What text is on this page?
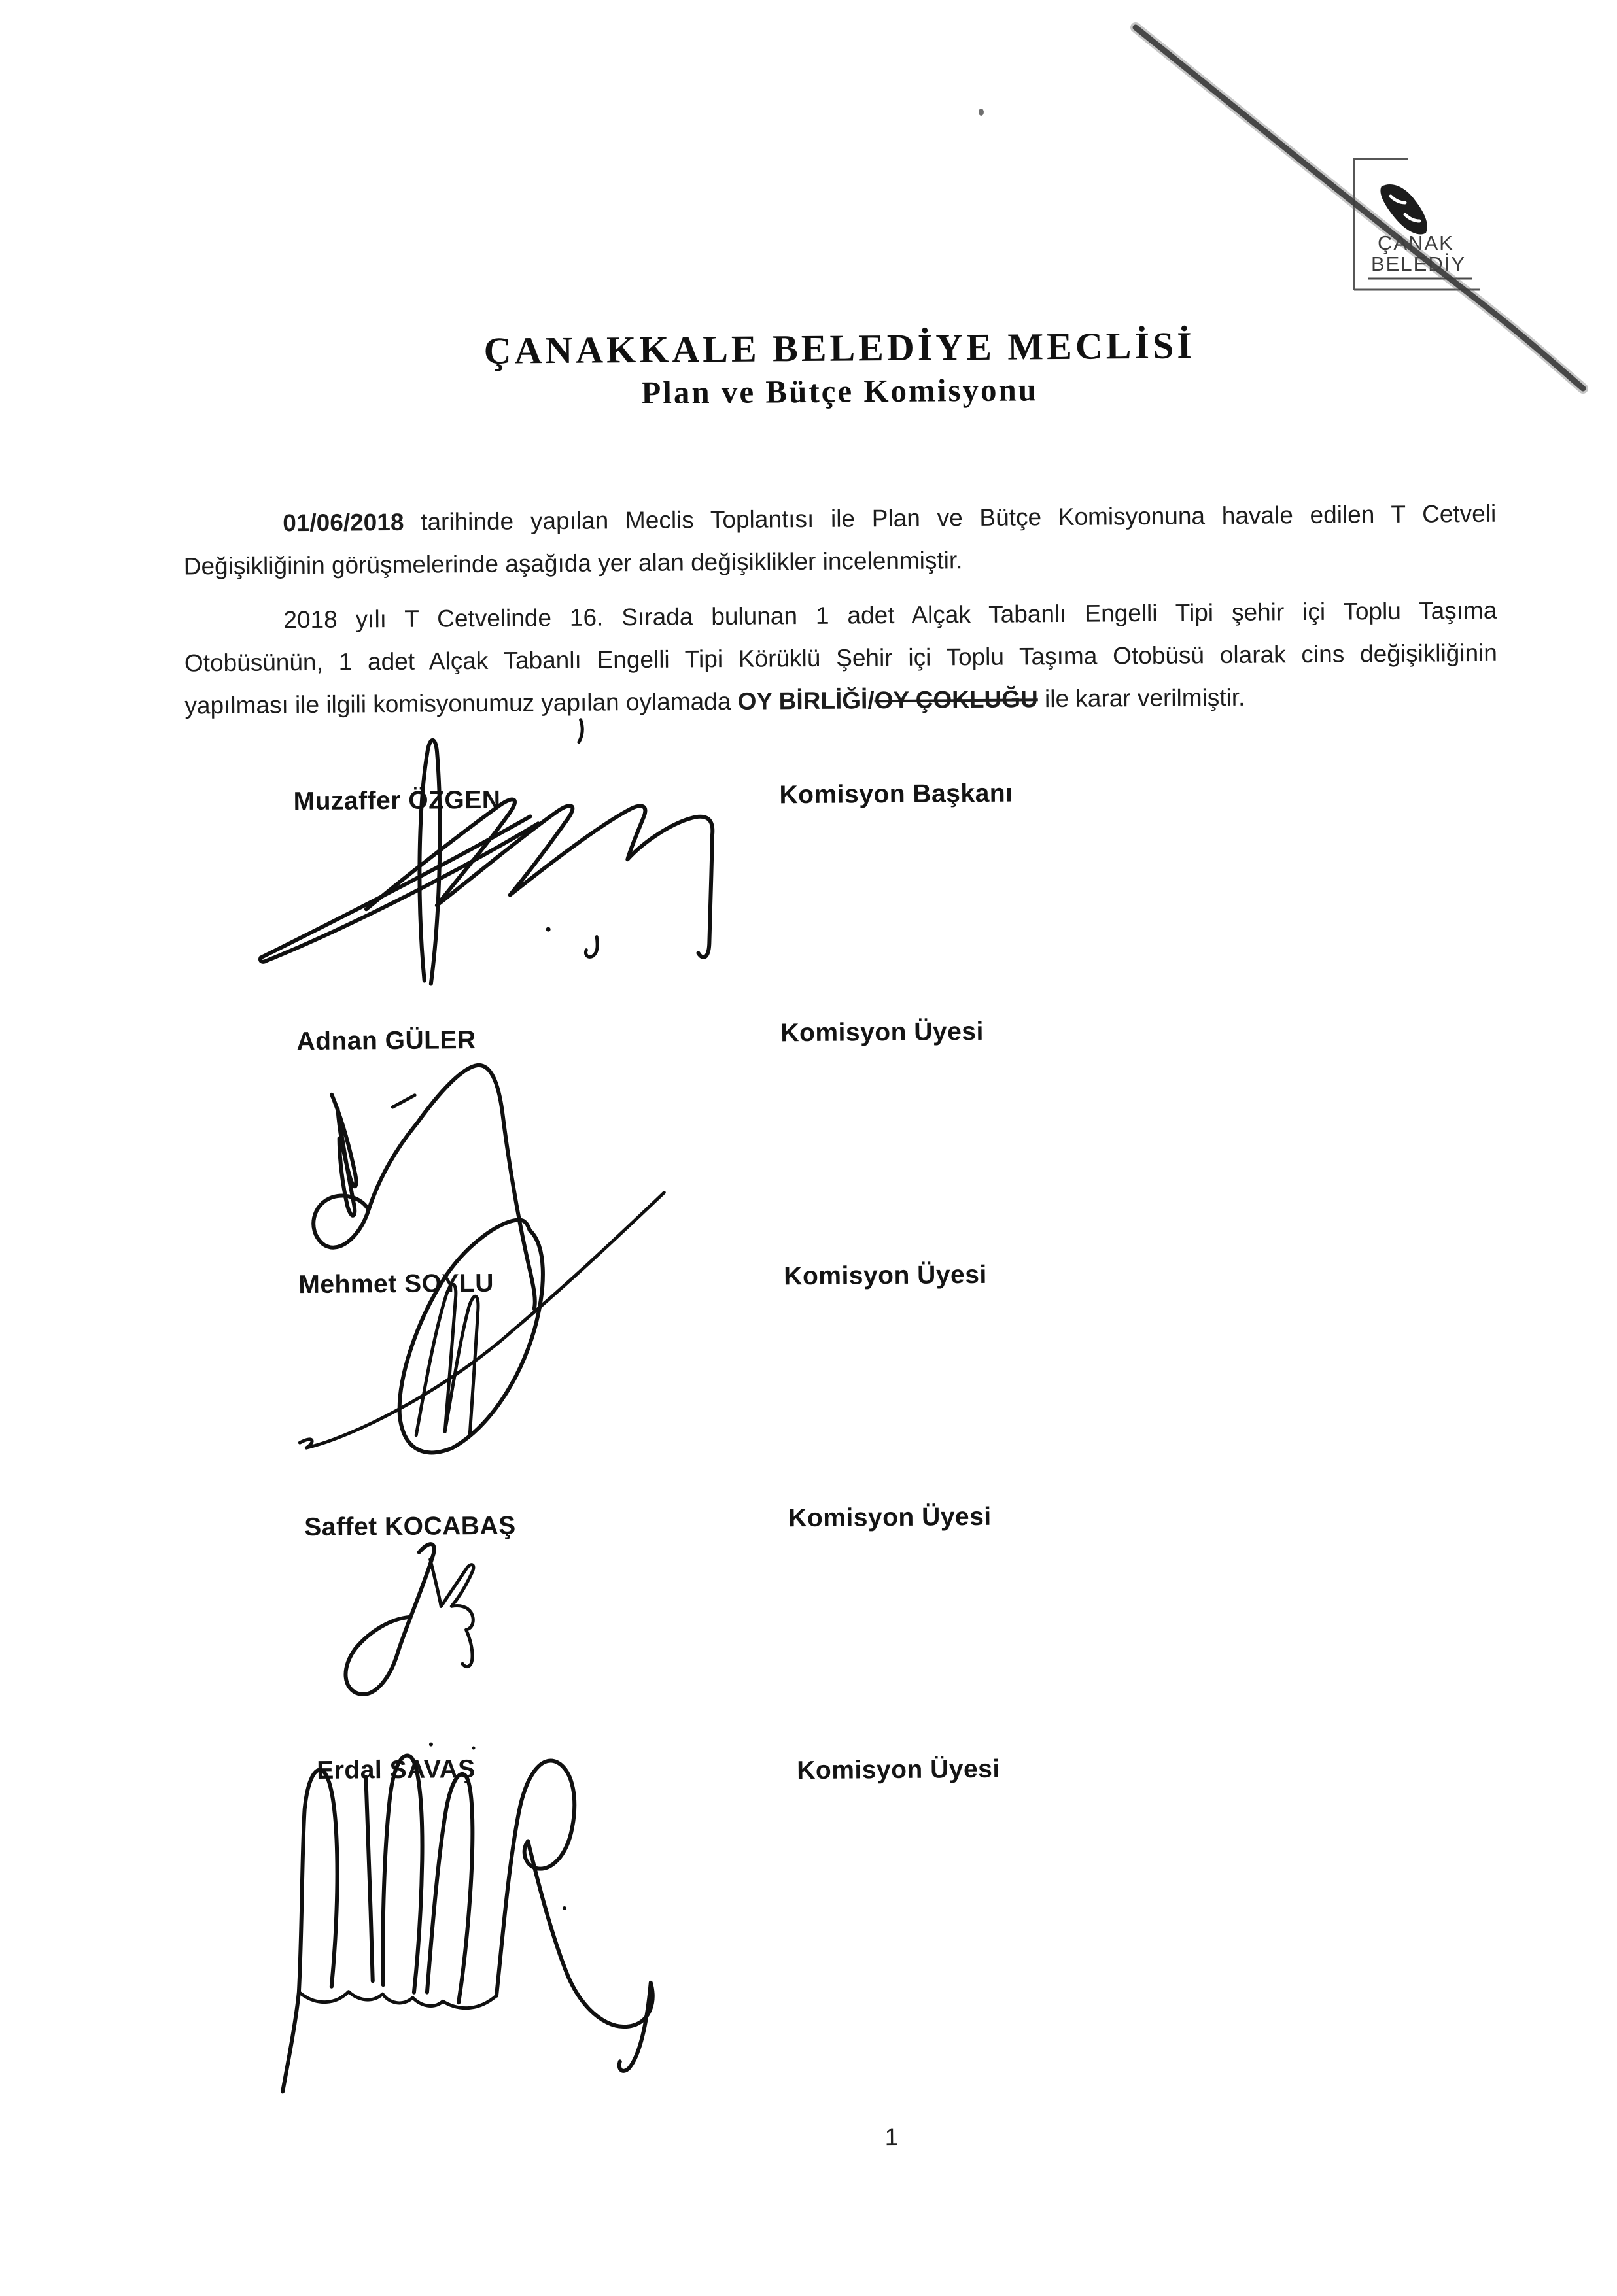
ÇANAKKALE BELEDİYE MECLİSİ
Plan ve Bütçe Komisyonu
01/06/2018 tarihinde yapılan Meclis Toplantısı ile Plan ve Bütçe Komisyonuna havale edilen T Cetveli
Değişikliğinin görüşmelerinde aşağıda yer alan değişiklikler incelenmiştir.
2018 yılı T Cetvelinde 16. Sırada bulunan 1 adet Alçak Tabanlı Engelli Tipi şehir içi Toplu Taşıma
Otobüsünün, 1 adet Alçak Tabanlı Engelli Tipi Körüklü Şehir içi Toplu Taşıma Otobüsü olarak cins değişikliğinin
yapılması ile ilgili komisyonumuz yapılan oylamada OY BİRLİĞİ/OY ÇOKLUĞU ile karar verilmiştir.
Muzaffer ÖZGEN	Komisyon Başkanı
Adnan GÜLER	Komisyon Üyesi
Mehmet SOYLU	Komisyon Üyesi
Saffet KOCABAŞ	Komisyon Üyesi
Erdal SAVAŞ	Komisyon Üyesi
1
ÇANAK
BELEDİY
